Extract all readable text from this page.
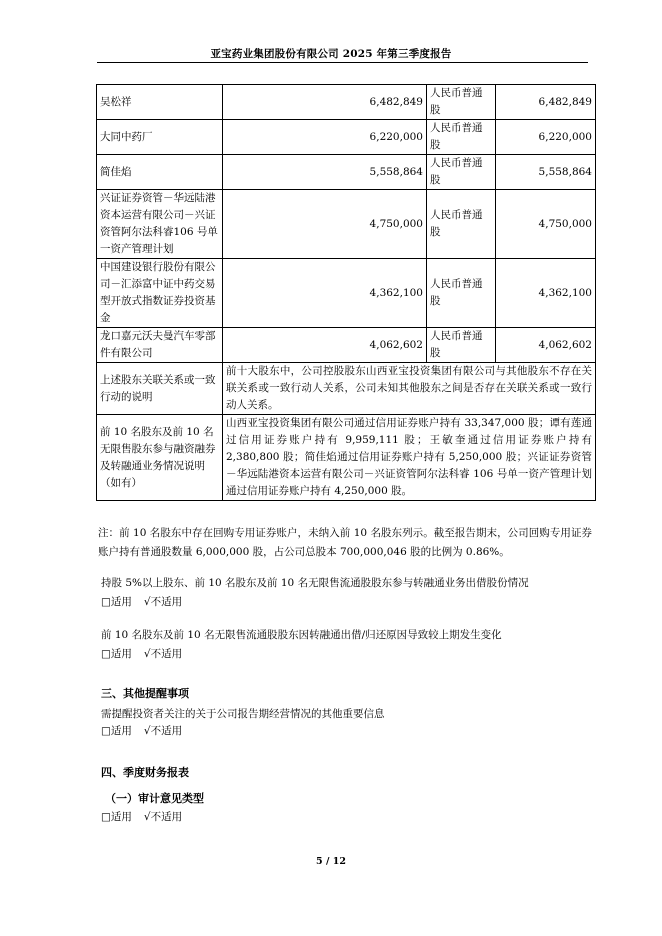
亚宝药业集团股份有限公司 2025 年第三季度报告
吴松祥	6,482,849	人民币普通股	6,482,849
大同中药厂	6,220,000	人民币普通股	6,220,000
简佳焰	5,558,864	人民币普通股	5,558,864
兴证证券资管－华远陆港资本运营有限公司－兴证资管阿尔法科睿106 号单一资产管理计划	4,750,000	人民币普通股	4,750,000
中国建设银行股份有限公司－汇添富中证中药交易型开放式指数证券投资基金	4,362,100	人民币普通股	4,362,100
龙口嘉元沃夫曼汽车零部件有限公司	4,062,602	人民币普通股	4,062,602
上述股东关联关系或一致行动的说明	前十大股东中，公司控股股东山西亚宝投资集团有限公司与其他股东不存在关联关系或一致行动人关系，公司未知其他股东之间是否存在关联关系或一致行动人关系。		
前 10 名股东及前 10 名无限售股东参与融资融券及转融通业务情况说明（如有）	山西亚宝投资集团有限公司通过信用证券账户持有 33,347,000 股；谭有莲通过信用证券账户持有 9,959,111 股；王敏奎通过信用证券账户持有 2,380,800 股；简佳焰通过信用证券账户持有 5,250,000 股；兴证证券资管－华远陆港资本运营有限公司－兴证资管阿尔法科睿 106 号单一资产管理计划通过信用证券账户持有 4,250,000 股。		
注：前 10 名股东中存在回购专用证券账户，未纳入前 10 名股东列示。截至报告期末，公司回购专用证券账户持有普通股数量 6,000,000 股，占公司总股本 700,000,046 股的比例为 0.86%。
持股 5%以上股东、前 10 名股东及前 10 名无限售流通股股东参与转融通业务出借股份情况
□适用 √不适用
前 10 名股东及前 10 名无限售流通股股东因转融通出借/归还原因导致较上期发生变化
□适用 √不适用
三、其他提醒事项
需提醒投资者关注的关于公司报告期经营情况的其他重要信息
□适用 √不适用
四、季度财务报表
（一）审计意见类型
□适用 √不适用
5 / 12
